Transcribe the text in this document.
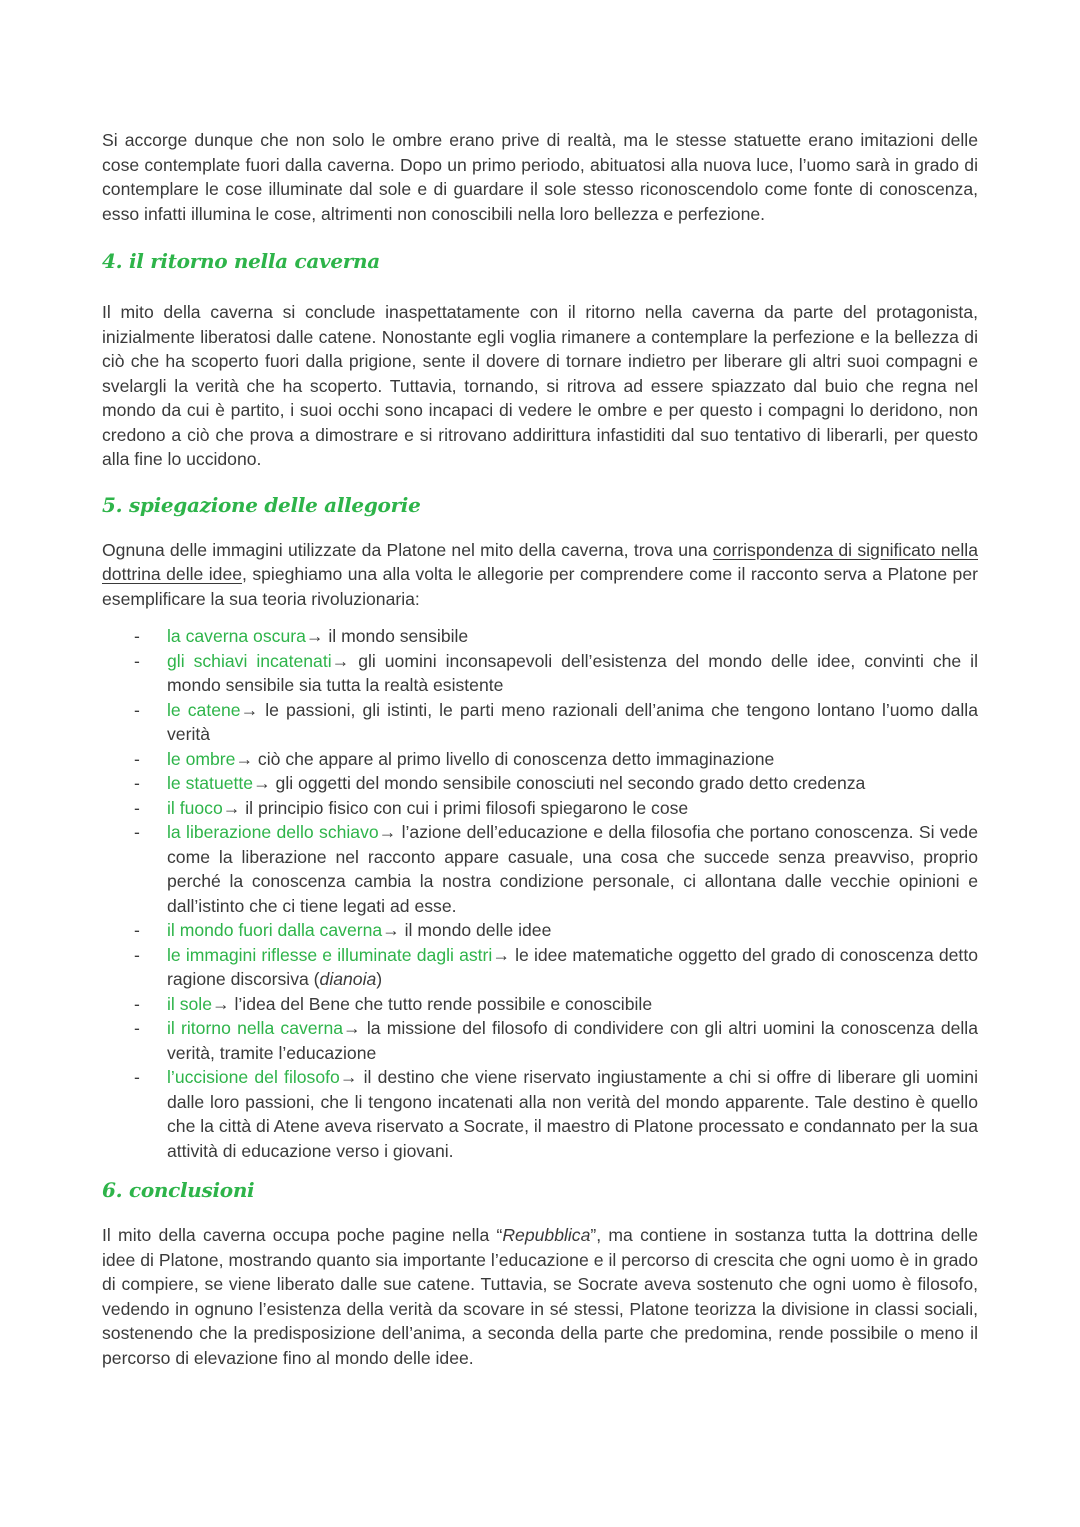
Si accorge dunque che non solo le ombre erano prive di realtà, ma le stesse statuette erano imitazioni delle cose contemplate fuori dalla caverna. Dopo un primo periodo, abituatosi alla nuova luce, l’uomo sarà in grado di contemplare le cose illuminate dal sole e di guardare il sole stesso riconoscendolo come fonte di conoscenza, esso infatti illumina le cose, altrimenti non conoscibili nella loro bellezza e perfezione.

4. il ritorno nella caverna

Il mito della caverna si conclude inaspettatamente con il ritorno nella caverna da parte del protagonista, inizialmente liberatosi dalle catene. Nonostante egli voglia rimanere a contemplare la perfezione e la bellezza di ciò che ha scoperto fuori dalla prigione, sente il dovere di tornare indietro per liberare gli altri suoi compagni e svelargli la verità che ha scoperto. Tuttavia, tornando, si ritrova ad essere spiazzato dal buio che regna nel mondo da cui è partito, i suoi occhi sono incapaci di vedere le ombre e per questo i compagni lo deridono, non credono a ciò che prova a dimostrare e si ritrovano addirittura infastiditi dal suo tentativo di liberarli, per questo alla fine lo uccidono.

5. spiegazione delle allegorie

Ognuna delle immagini utilizzate da Platone nel mito della caverna, trova una corrispondenza di significato nella dottrina delle idee, spieghiamo una alla volta le allegorie per comprendere come il racconto serva a Platone per esemplificare la sua teoria rivoluzionaria:

- la caverna oscura→ il mondo sensibile
- gli schiavi incatenati→ gli uomini inconsapevoli dell’esistenza del mondo delle idee, convinti che il mondo sensibile sia tutta la realtà esistente
- le catene→ le passioni, gli istinti, le parti meno razionali dell’anima che tengono lontano l’uomo dalla verità
- le ombre→ ciò che appare al primo livello di conoscenza detto immaginazione
- le statuette→ gli oggetti del mondo sensibile conosciuti nel secondo grado detto credenza
- il fuoco→ il principio fisico con cui i primi filosofi spiegarono le cose
- la liberazione dello schiavo→ l’azione dell’educazione e della filosofia che portano conoscenza. Si vede come la liberazione nel racconto appare casuale, una cosa che succede senza preavviso, proprio perché la conoscenza cambia la nostra condizione personale, ci allontana dalle vecchie opinioni e dall’istinto che ci tiene legati ad esse.
- il mondo fuori dalla caverna→ il mondo delle idee
- le immagini riflesse e illuminate dagli astri→ le idee matematiche oggetto del grado di conoscenza detto ragione discorsiva (dianoia)
- il sole→ l’idea del Bene che tutto rende possibile e conoscibile
- il ritorno nella caverna→ la missione del filosofo di condividere con gli altri uomini la conoscenza della verità, tramite l’educazione
- l’uccisione del filosofo→ il destino che viene riservato ingiustamente a chi si offre di liberare gli uomini dalle loro passioni, che li tengono incatenati alla non verità del mondo apparente. Tale destino è quello che la città di Atene aveva riservato a Socrate, il maestro di Platone processato e condannato per la sua attività di educazione verso i giovani.
6. conclusioni

Il mito della caverna occupa poche pagine nella “Repubblica”, ma contiene in sostanza tutta la dottrina delle idee di Platone, mostrando quanto sia importante l’educazione e il percorso di crescita che ogni uomo è in grado di compiere, se viene liberato dalle sue catene. Tuttavia, se Socrate aveva sostenuto che ogni uomo è filosofo, vedendo in ognuno l’esistenza della verità da scovare in sé stessi, Platone teorizza la divisione in classi sociali, sostenendo che la predisposizione dell’anima, a seconda della parte che predomina, rende possibile o meno il percorso di elevazione fino al mondo delle idee.
